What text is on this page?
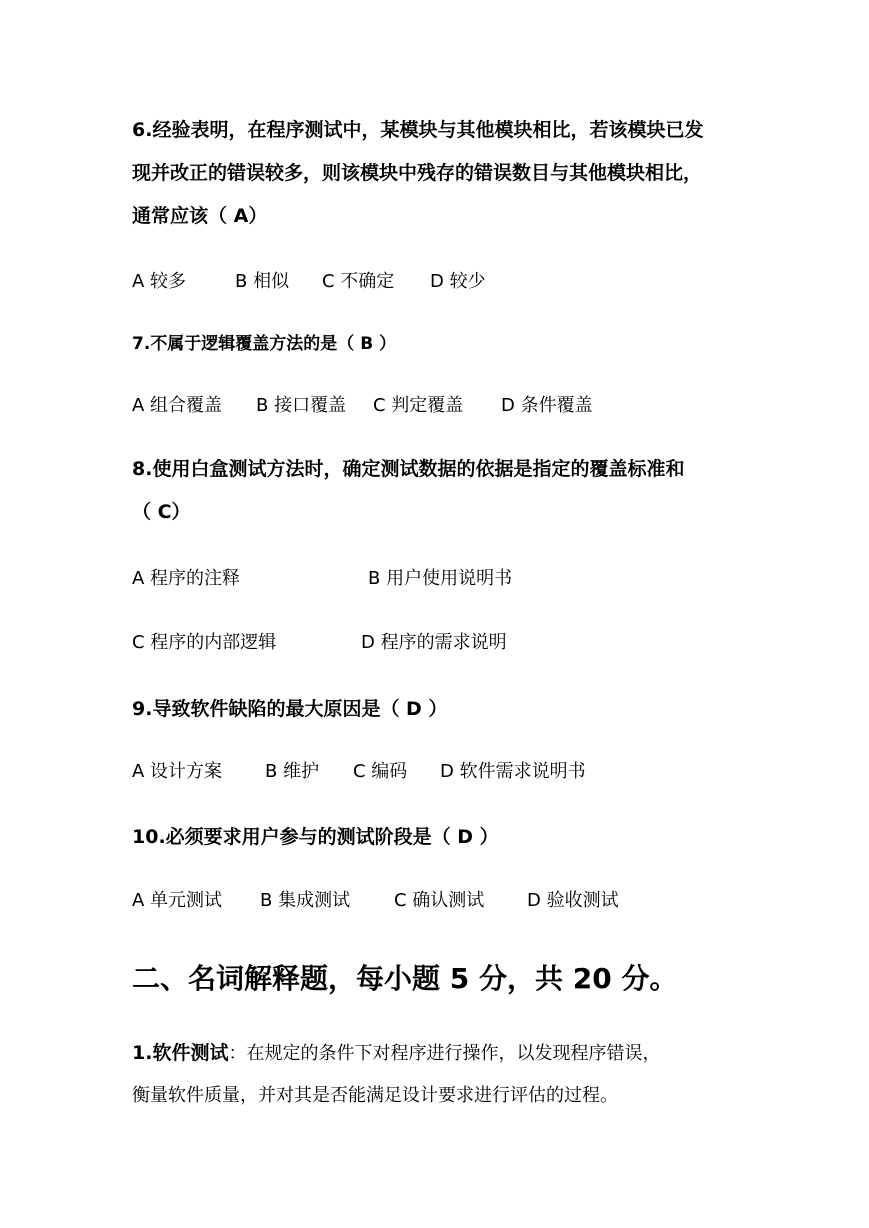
6.经验表明，在程序测试中，某模块与其他模块相比，若该模块已发
现并改正的错误较多，则该模块中残存的错误数目与其他模块相比，
通常应该（ A）
A 较多	B 相似 C 不确定 D 较少
7.不属于逻辑覆盖方法的是（ B ）
A 组合覆盖 B 接口覆盖 C 判定覆盖 D 条件覆盖
8.使用白盒测试方法时，确定测试数据的依据是指定的覆盖标准和
（ C）
A 程序的注释	B 用户使用说明书
C 程序的内部逻辑	D 程序的需求说明
9.导致软件缺陷的最大原因是（ D ）
A 设计方案 B 维护 C 编码 D 软件需求说明书
10.必须要求用户参与的测试阶段是（ D ）
A 单元测试 B 集成测试 C 确认测试 D 验收测试
二、名词解释题，每小题 5 分，共 20 分。
1.软件测试：在规定的条件下对程序进行操作，以发现程序错误，
衡量软件质量，并对其是否能满足设计要求进行评估的过程。
